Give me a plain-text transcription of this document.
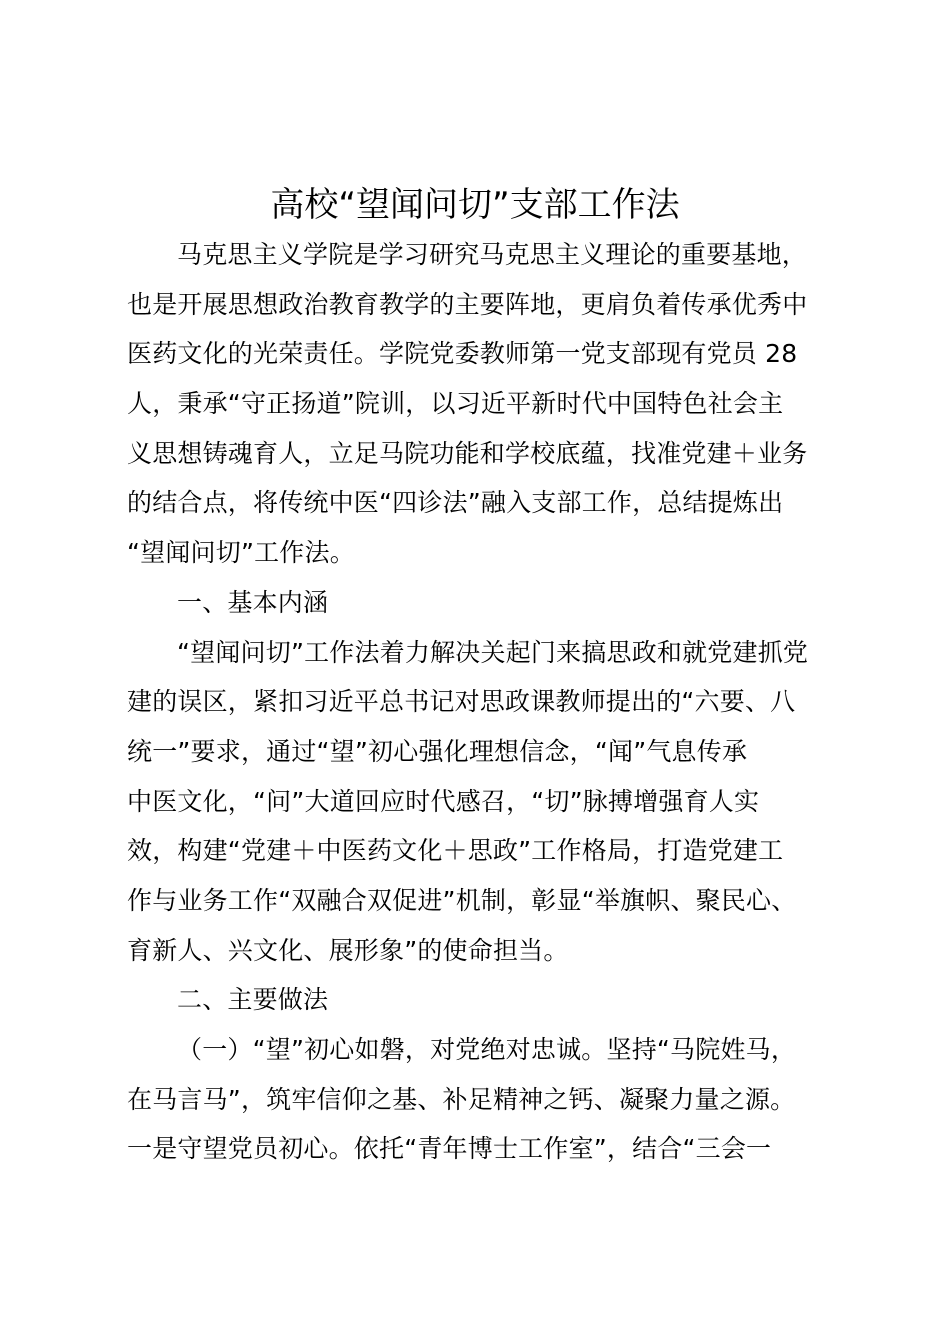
高校“望闻问切”支部工作法
马克思主义学院是学习研究马克思主义理论的重要基地，
也是开展思想政治教育教学的主要阵地，更肩负着传承优秀中
医药文化的光荣责任。学院党委教师第一党支部现有党员 28
人，秉承“守正扬道”院训，以习近平新时代中国特色社会主
义思想铸魂育人，立足马院功能和学校底蕴，找准党建＋业务
的结合点，将传统中医“四诊法”融入支部工作，总结提炼出
“望闻问切”工作法。
一、基本内涵
“望闻问切”工作法着力解决关起门来搞思政和就党建抓党
建的误区，紧扣习近平总书记对思政课教师提出的“六要、八
统一”要求，通过“望”初心强化理想信念，“闻”气息传承
中医文化，“问”大道回应时代感召，“切”脉搏增强育人实
效，构建“党建＋中医药文化＋思政”工作格局，打造党建工
作与业务工作“双融合双促进”机制，彰显“举旗帜、聚民心、
育新人、兴文化、展形象”的使命担当。
二、主要做法
（一）“望”初心如磐，对党绝对忠诚。坚持“马院姓马，
在马言马”，筑牢信仰之基、补足精神之钙、凝聚力量之源。
一是守望党员初心。依托“青年博士工作室”，结合“三会一
